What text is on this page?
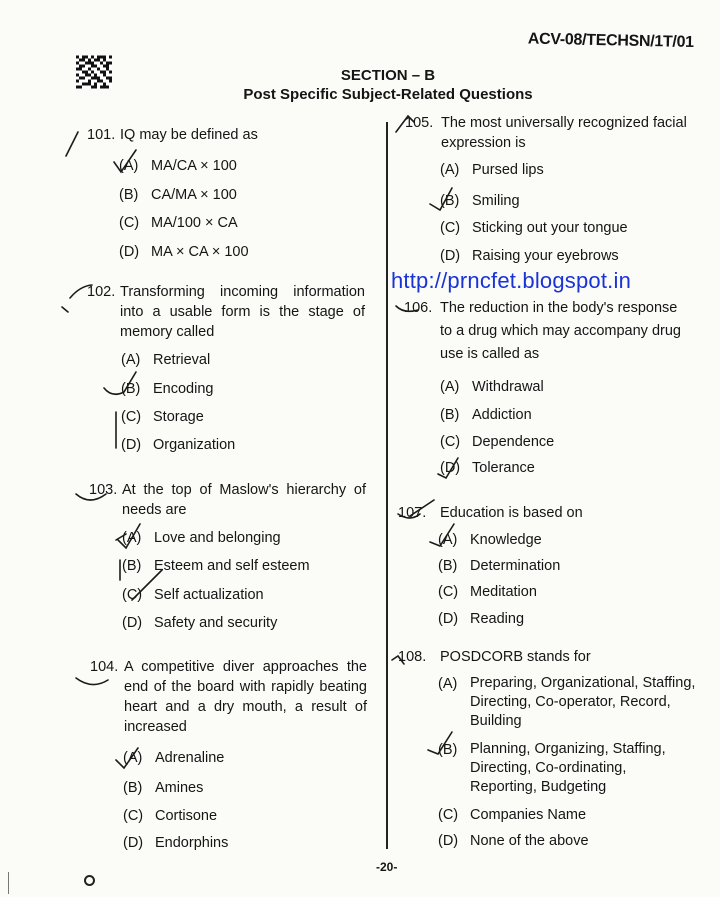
ACV-08/TECHSN/1T/01
SECTION – B
Post Specific Subject-Related Questions
101. IQ may be defined as
(A) MA/CA × 100
(B) CA/MA × 100
(C) MA/100 × CA
(D) MA × CA × 100
102. Transforming incoming information into a usable form is the stage of memory called
(A) Retrieval
(B) Encoding
(C) Storage
(D) Organization
103. At the top of Maslow's hierarchy of needs are
(A) Love and belonging
(B) Esteem and self esteem
(C) Self actualization
(D) Safety and security
104. A competitive diver approaches the end of the board with rapidly beating heart and a dry mouth, a result of increased
(A) Adrenaline
(B) Amines
(C) Cortisone
(D) Endorphins
105. The most universally recognized facial expression is
(A) Pursed lips
(B) Smiling
(C) Sticking out your tongue
(D) Raising your eyebrows
http://prncfet.blogspot.in
106. The reduction in the body's response to a drug which may accompany drug use is called as
(A) Withdrawal
(B) Addiction
(C) Dependence
(D) Tolerance
107. Education is based on
(A) Knowledge
(B) Determination
(C) Meditation
(D) Reading
108. POSDCORB stands for
(A) Preparing, Organizational, Staffing, Directing, Co-operator, Record, Building
(B) Planning, Organizing, Staffing, Directing, Co-ordinating, Reporting, Budgeting
(C) Companies Name
(D) None of the above
-20-
